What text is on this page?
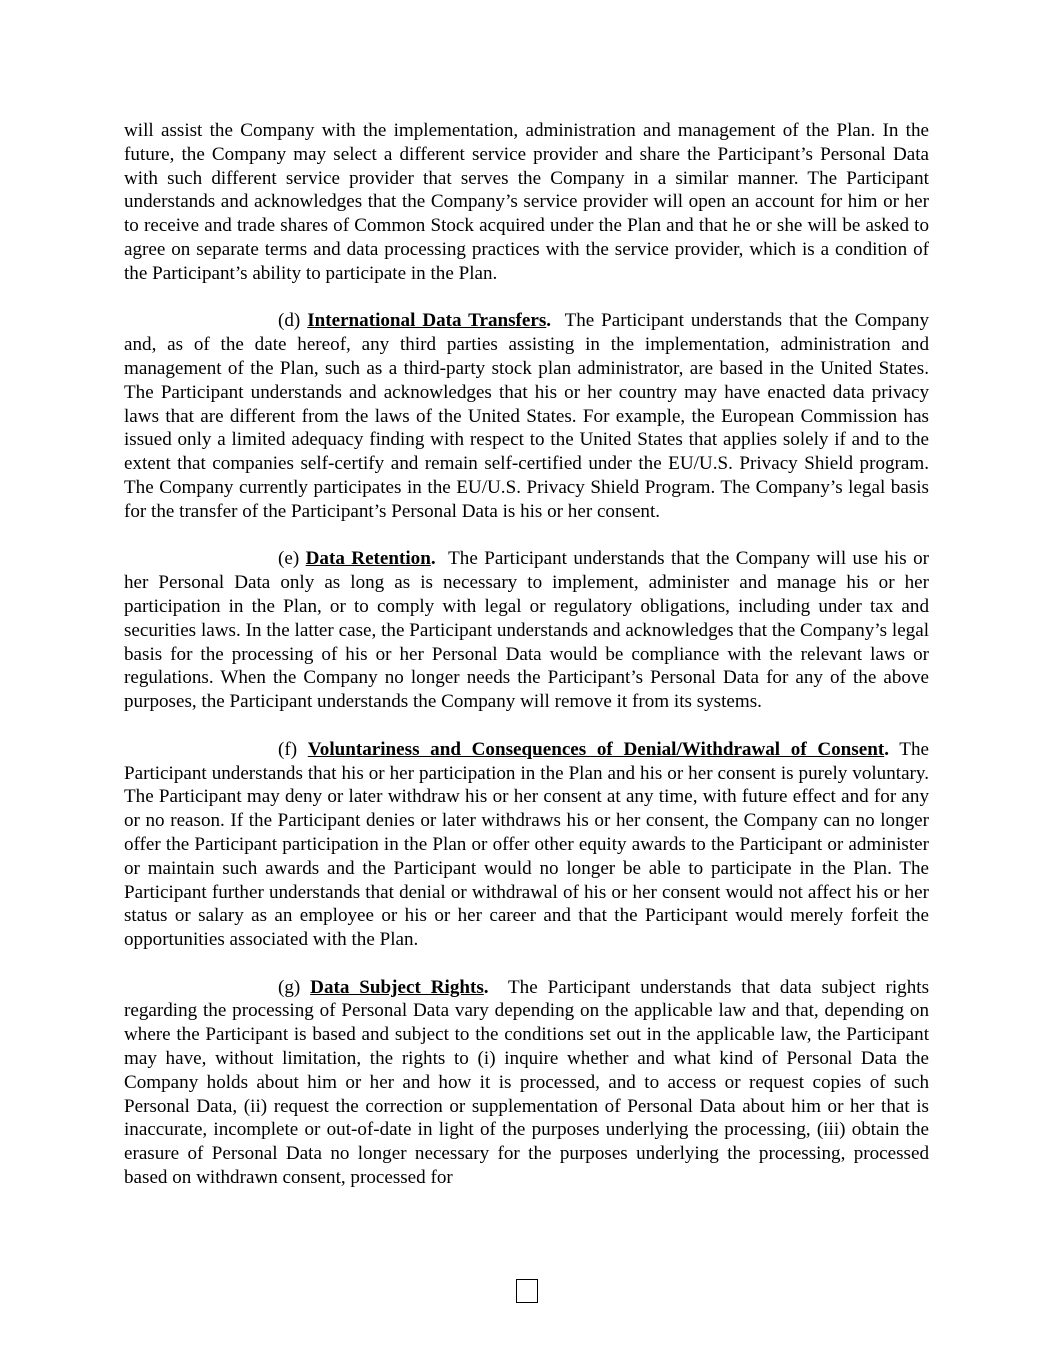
will assist the Company with the implementation, administration and management of the Plan. In the future, the Company may select a different service provider and share the Participant’s Personal Data with such different service provider that serves the Company in a similar manner. The Participant understands and acknowledges that the Company’s service provider will open an account for him or her to receive and trade shares of Common Stock acquired under the Plan and that he or she will be asked to agree on separate terms and data processing practices with the service provider, which is a condition of the Participant’s ability to participate in the Plan.

(d) International Data Transfers. The Participant understands that the Company and, as of the date hereof, any third parties assisting in the implementation, administration and management of the Plan, such as a third-party stock plan administrator, are based in the United States. The Participant understands and acknowledges that his or her country may have enacted data privacy laws that are different from the laws of the United States. For example, the European Commission has issued only a limited adequacy finding with respect to the United States that applies solely if and to the extent that companies self-certify and remain self-certified under the EU/U.S. Privacy Shield program. The Company currently participates in the EU/U.S. Privacy Shield Program. The Company’s legal basis for the transfer of the Participant’s Personal Data is his or her consent.

(e) Data Retention. The Participant understands that the Company will use his or her Personal Data only as long as is necessary to implement, administer and manage his or her participation in the Plan, or to comply with legal or regulatory obligations, including under tax and securities laws. In the latter case, the Participant understands and acknowledges that the Company’s legal basis for the processing of his or her Personal Data would be compliance with the relevant laws or regulations. When the Company no longer needs the Participant’s Personal Data for any of the above purposes, the Participant understands the Company will remove it from its systems.

(f) Voluntariness and Consequences of Denial/Withdrawal of Consent. The Participant understands that his or her participation in the Plan and his or her consent is purely voluntary. The Participant may deny or later withdraw his or her consent at any time, with future effect and for any or no reason. If the Participant denies or later withdraws his or her consent, the Company can no longer offer the Participant participation in the Plan or offer other equity awards to the Participant or administer or maintain such awards and the Participant would no longer be able to participate in the Plan. The Participant further understands that denial or withdrawal of his or her consent would not affect his or her status or salary as an employee or his or her career and that the Participant would merely forfeit the opportunities associated with the Plan.

(g) Data Subject Rights. The Participant understands that data subject rights regarding the processing of Personal Data vary depending on the applicable law and that, depending on where the Participant is based and subject to the conditions set out in the applicable law, the Participant may have, without limitation, the rights to (i) inquire whether and what kind of Personal Data the Company holds about him or her and how it is processed, and to access or request copies of such Personal Data, (ii) request the correction or supplementation of Personal Data about him or her that is inaccurate, incomplete or out-of-date in light of the purposes underlying the processing, (iii) obtain the erasure of Personal Data no longer necessary for the purposes underlying the processing, processed based on withdrawn consent, processed for
